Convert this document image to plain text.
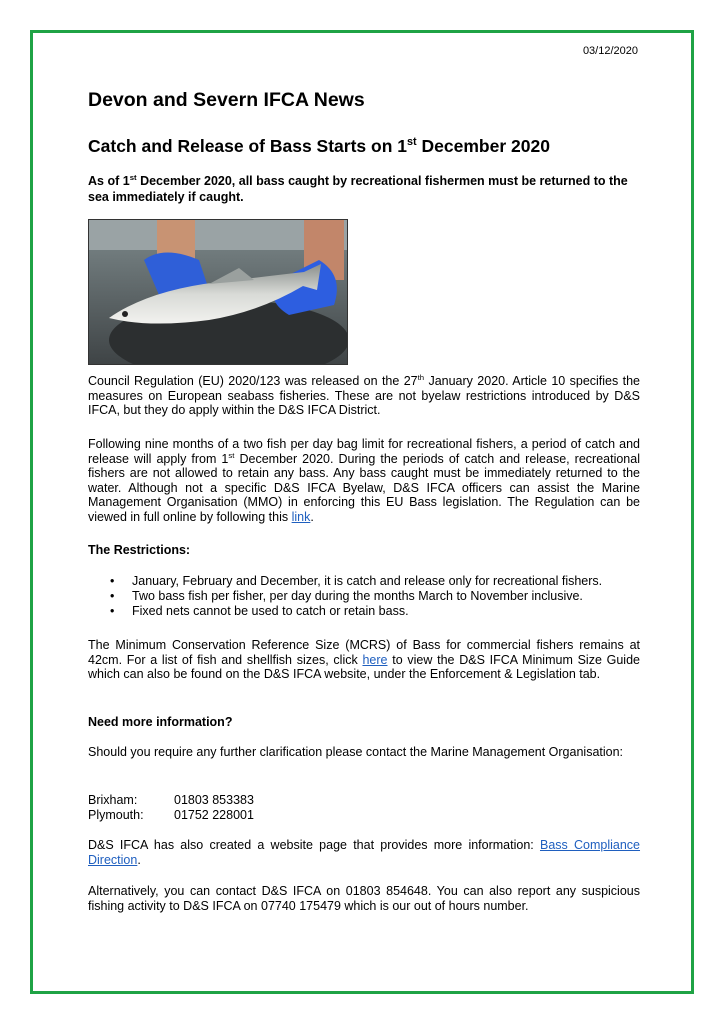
03/12/2020
Devon and Severn IFCA News
Catch and Release of Bass Starts on 1st December 2020

As of 1st December 2020, all bass caught by recreational fishermen must be returned to the sea immediately if caught.

Council Regulation (EU) 2020/123 was released on the 27th January 2020. Article 10 specifies the measures on European seabass fisheries. These are not byelaw restrictions introduced by D&S IFCA, but they do apply within the D&S IFCA District.

Following nine months of a two fish per day bag limit for recreational fishers, a period of catch and release will apply from 1st December 2020. During the periods of catch and release, recreational fishers are not allowed to retain any bass. Any bass caught must be immediately returned to the water. Although not a specific D&S IFCA Byelaw, D&S IFCA officers can assist the Marine Management Organisation (MMO) in enforcing this EU Bass legislation. The Regulation can be viewed in full online by following this link.

The Restrictions:

• January, February and December, it is catch and release only for recreational fishers.
• Two bass fish per fisher, per day during the months March to November inclusive.
• Fixed nets cannot be used to catch or retain bass.

The Minimum Conservation Reference Size (MCRS) of Bass for commercial fishers remains at 42cm. For a list of fish and shellfish sizes, click here to view the D&S IFCA Minimum Size Guide which can also be found on the D&S IFCA website, under the Enforcement & Legislation tab.

Need more information?

Should you require any further clarification please contact the Marine Management Organisation:

Brixham:	01803 853383
Plymouth: 01752 228001

D&S IFCA has also created a website page that provides more information: Bass Compliance Direction.

Alternatively, you can contact D&S IFCA on 01803 854648. You can also report any suspicious fishing activity to D&S IFCA on 07740 175479 which is our out of hours number.
